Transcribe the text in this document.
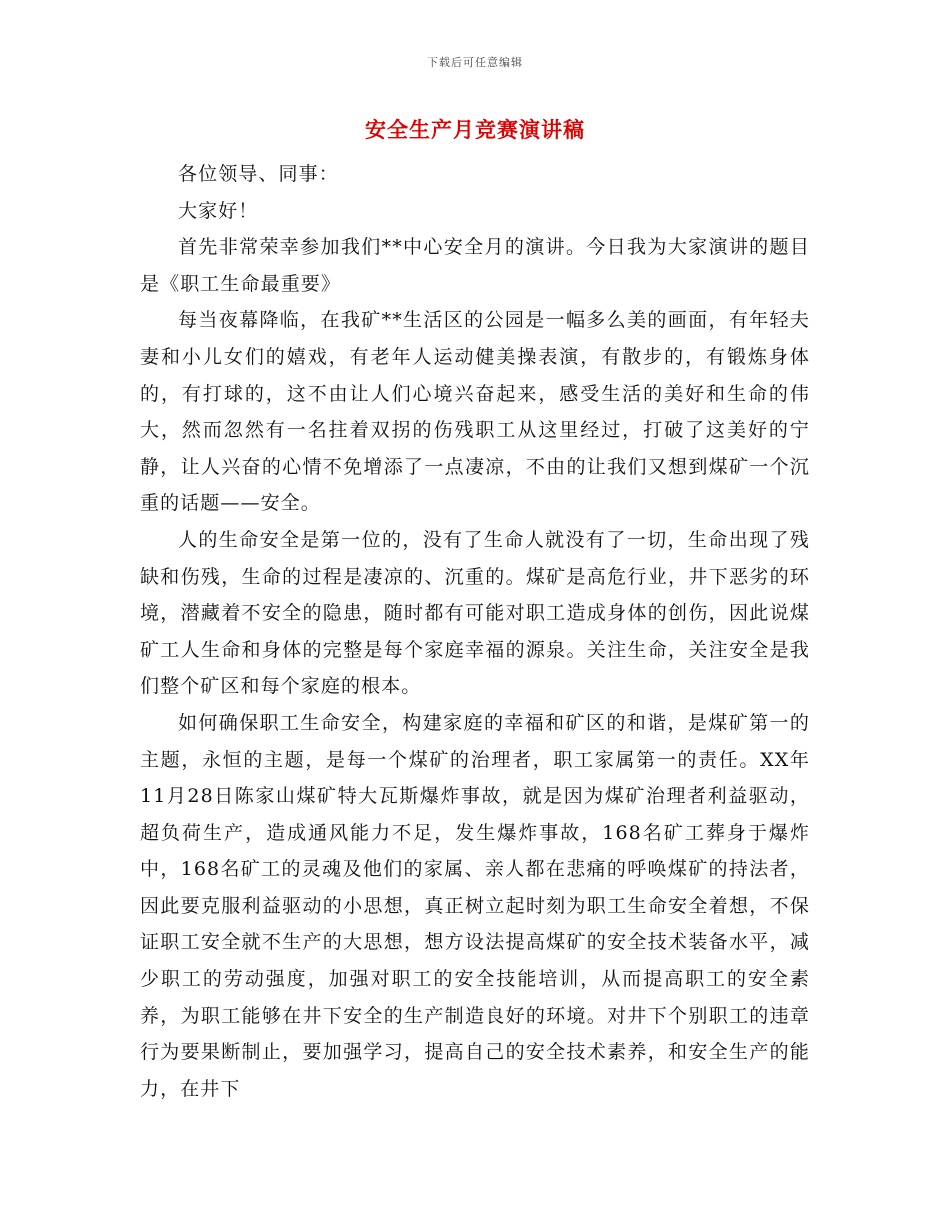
下载后可任意编辑
安全生产月竞赛演讲稿

各位领导、同事：

大家好！

首先非常荣幸参加我们**中心安全月的演讲。今日我为大家演讲的题目是《职工生命最重要》

每当夜幕降临，在我矿**生活区的公园是一幅多么美的画面，有年轻夫妻和小儿女们的嬉戏，有老年人运动健美操表演，有散步的，有锻炼身体的，有打球的，这不由让人们心境兴奋起来，感受生活的美好和生命的伟大，然而忽然有一名拄着双拐的伤残职工从这里经过，打破了这美好的宁静，让人兴奋的心情不免增添了一点凄凉，不由的让我们又想到煤矿一个沉重的话题——安全。

人的生命安全是第一位的，没有了生命人就没有了一切，生命出现了残缺和伤残，生命的过程是凄凉的、沉重的。煤矿是高危行业，井下恶劣的环境，潜藏着不安全的隐患，随时都有可能对职工造成身体的创伤，因此说煤矿工人生命和身体的完整是每个家庭幸福的源泉。关注生命，关注安全是我们整个矿区和每个家庭的根本。

如何确保职工生命安全，构建家庭的幸福和矿区的和谐，是煤矿第一的主题，永恒的主题，是每一个煤矿的治理者，职工家属第一的责任。XX年11月28日陈家山煤矿特大瓦斯爆炸事故，就是因为煤矿治理者利益驱动，超负荷生产，造成通风能力不足，发生爆炸事故，168名矿工葬身于爆炸中，168名矿工的灵魂及他们的家属、亲人都在悲痛的呼唤煤矿的持法者，因此要克服利益驱动的小思想，真正树立起时刻为职工生命安全着想，不保证职工安全就不生产的大思想，想方设法提高煤矿的安全技术装备水平，减少职工的劳动强度，加强对职工的安全技能培训，从而提高职工的安全素养，为职工能够在井下安全的生产制造良好的环境。对井下个别职工的违章行为要果断制止，要加强学习，提高自己的安全技术素养，和安全生产的能力，在井下
